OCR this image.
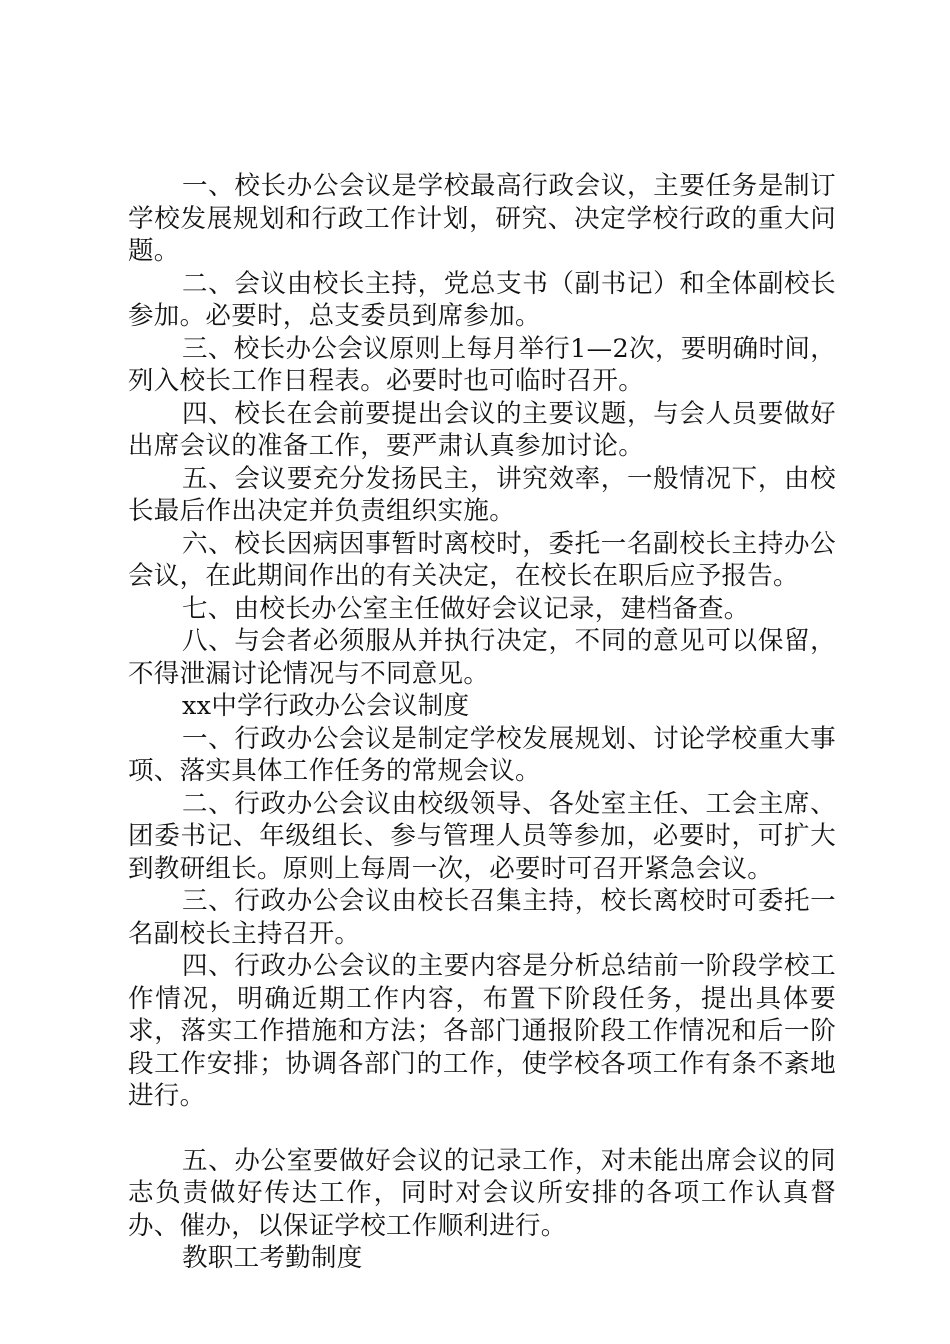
一、校长办公会议是学校最高行政会议，主要任务是制订学校发展规划和行政工作计划，研究、决定学校行政的重大问题。

二、会议由校长主持，党总支书（副书记）和全体副校长参加。必要时，总支委员到席参加。

三、校长办公会议原则上每月举行1—2次，要明确时间，列入校长工作日程表。必要时也可临时召开。

四、校长在会前要提出会议的主要议题，与会人员要做好出席会议的准备工作，要严肃认真参加讨论。

五、会议要充分发扬民主，讲究效率，一般情况下，由校长最后作出决定并负责组织实施。

六、校长因病因事暂时离校时，委托一名副校长主持办公会议，在此期间作出的有关决定，在校长在职后应予报告。

七、由校长办公室主任做好会议记录，建档备查。

八、与会者必须服从并执行决定，不同的意见可以保留，不得泄漏讨论情况与不同意见。

xx中学行政办公会议制度

一、行政办公会议是制定学校发展规划、讨论学校重大事项、落实具体工作任务的常规会议。

二、行政办公会议由校级领导、各处室主任、工会主席、团委书记、年级组长、参与管理人员等参加，必要时，可扩大到教研组长。原则上每周一次，必要时可召开紧急会议。

三、行政办公会议由校长召集主持，校长离校时可委托一名副校长主持召开。

四、行政办公会议的主要内容是分析总结前一阶段学校工作情况，明确近期工作内容，布置下阶段任务，提出具体要求，落实工作措施和方法；各部门通报阶段工作情况和后一阶段工作安排；协调各部门的工作，使学校各项工作有条不紊地进行。

五、办公室要做好会议的记录工作，对未能出席会议的同志负责做好传达工作，同时对会议所安排的各项工作认真督办、催办，以保证学校工作顺利进行。

教职工考勤制度
